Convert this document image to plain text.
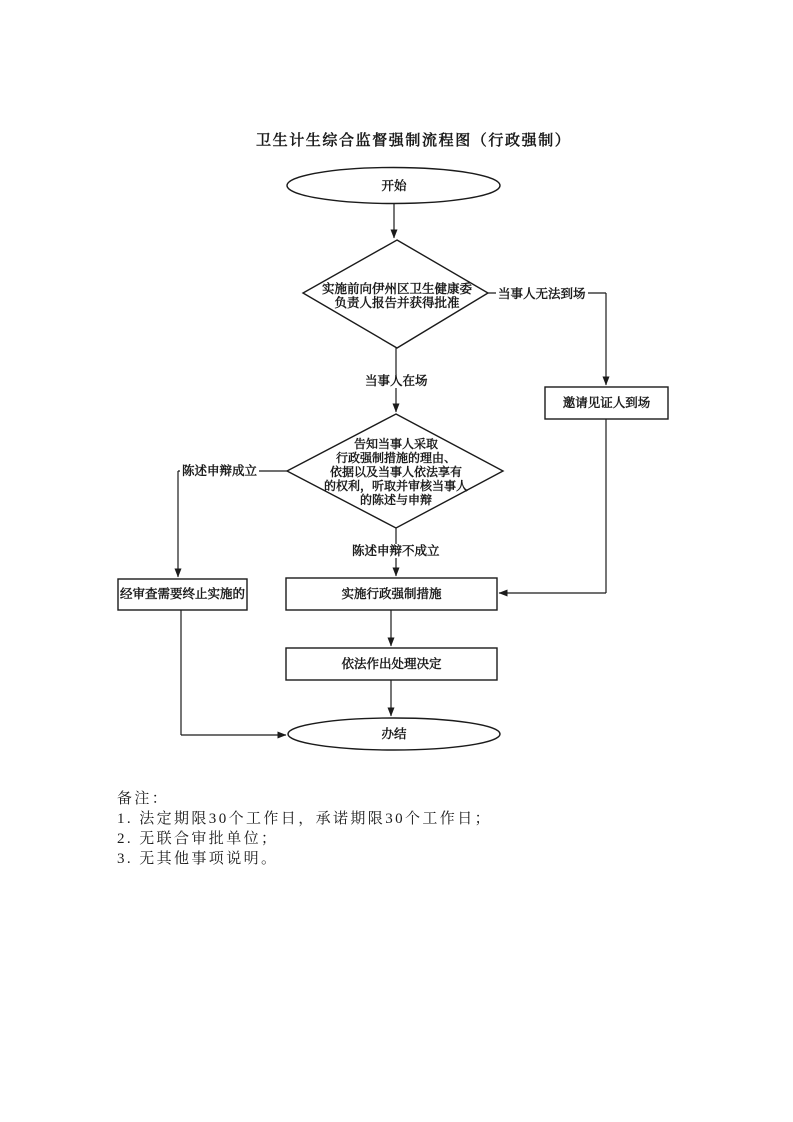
卫生计生综合监督强制流程图（行政强制）
开始
实施前向伊州区卫生健康委
负责人报告并获得批准
邀请见证人到场
告知当事人采取
行政强制措施的理由、
依据以及当事人依法享有
的权利，听取并审核当事人
的陈述与申辩
经审查需要终止实施的	实施行政强制措施
依法作出处理决定
办结
当事人无法到场
当事人在场
陈述申辩成立
陈述申辩不成立
备注：
1. 法定期限30个工作日，承诺期限30个工作日；
2. 无联合审批单位；
3. 无其他事项说明。
